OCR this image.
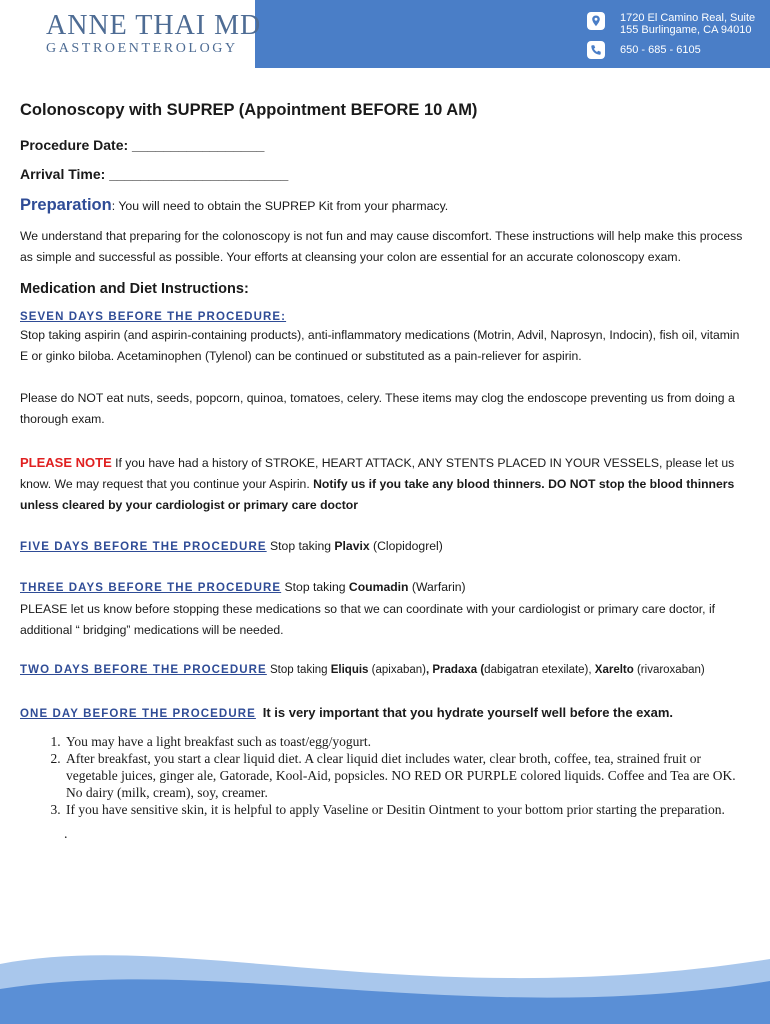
ANNE THAI MD
GASTROENTEROLOGY
1720 El Camino Real, Suite
155 Burlingame, CA 94010
650 - 685 - 6105
Colonoscopy with SUPREP (Appointment BEFORE 10 AM)
Procedure Date: _________________
Arrival Time: _______________________
Preparation: You will need to obtain the SUPREP Kit from your pharmacy.

We understand that preparing for the colonoscopy is not fun and may cause discomfort. These instructions will help make this process as simple and successful as possible. Your efforts at cleansing your colon are essential for an accurate colonoscopy exam.

Medication and Diet Instructions:
SEVEN DAYS BEFORE THE PROCEDURE:

Stop taking aspirin (and aspirin-containing products), anti-inflammatory medications (Motrin, Advil, Naprosyn, Indocin), fish oil, vitamin E or ginko biloba. Acetaminophen (Tylenol) can be continued or substituted as a pain-reliever for aspirin.

Please do NOT eat nuts, seeds, popcorn, quinoa, tomatoes, celery. These items may clog the endoscope preventing us from doing a thorough exam.

PLEASE NOTE If you have had a history of STROKE, HEART ATTACK, ANY STENTS PLACED IN YOUR VESSELS, please let us know. We may request that you continue your Aspirin. Notify us if you take any blood thinners. DO NOT stop the blood thinners unless cleared by your cardiologist or primary care doctor

FIVE DAYS BEFORE THE PROCEDURE Stop taking Plavix (Clopidogrel)

THREE DAYS BEFORE THE PROCEDURE Stop taking Coumadin (Warfarin)

PLEASE let us know before stopping these medications so that we can coordinate with your cardiologist or primary care doctor, if additional “ bridging” medications will be needed.

TWO DAYS BEFORE THE PROCEDURE Stop taking Eliquis (apixaban), Pradaxa (dabigatran etexilate), Xarelto (rivaroxaban)

ONE DAY BEFORE THE PROCEDURE It is very important that you hydrate yourself well before the exam.

1. You may have a light breakfast such as toast/egg/yogurt.
2. After breakfast, you start a clear liquid diet. A clear liquid diet includes water, clear broth, coffee, tea, strained fruit or vegetable juices, ginger ale, Gatorade, Kool-Aid, popsicles. NO RED OR PURPLE colored liquids. Coffee and Tea are OK. No dairy (milk, cream), soy, creamer.
3. If you have sensitive skin, it is helpful to apply Vaseline or Desitin Ointment to your bottom prior starting the preparation.
.
